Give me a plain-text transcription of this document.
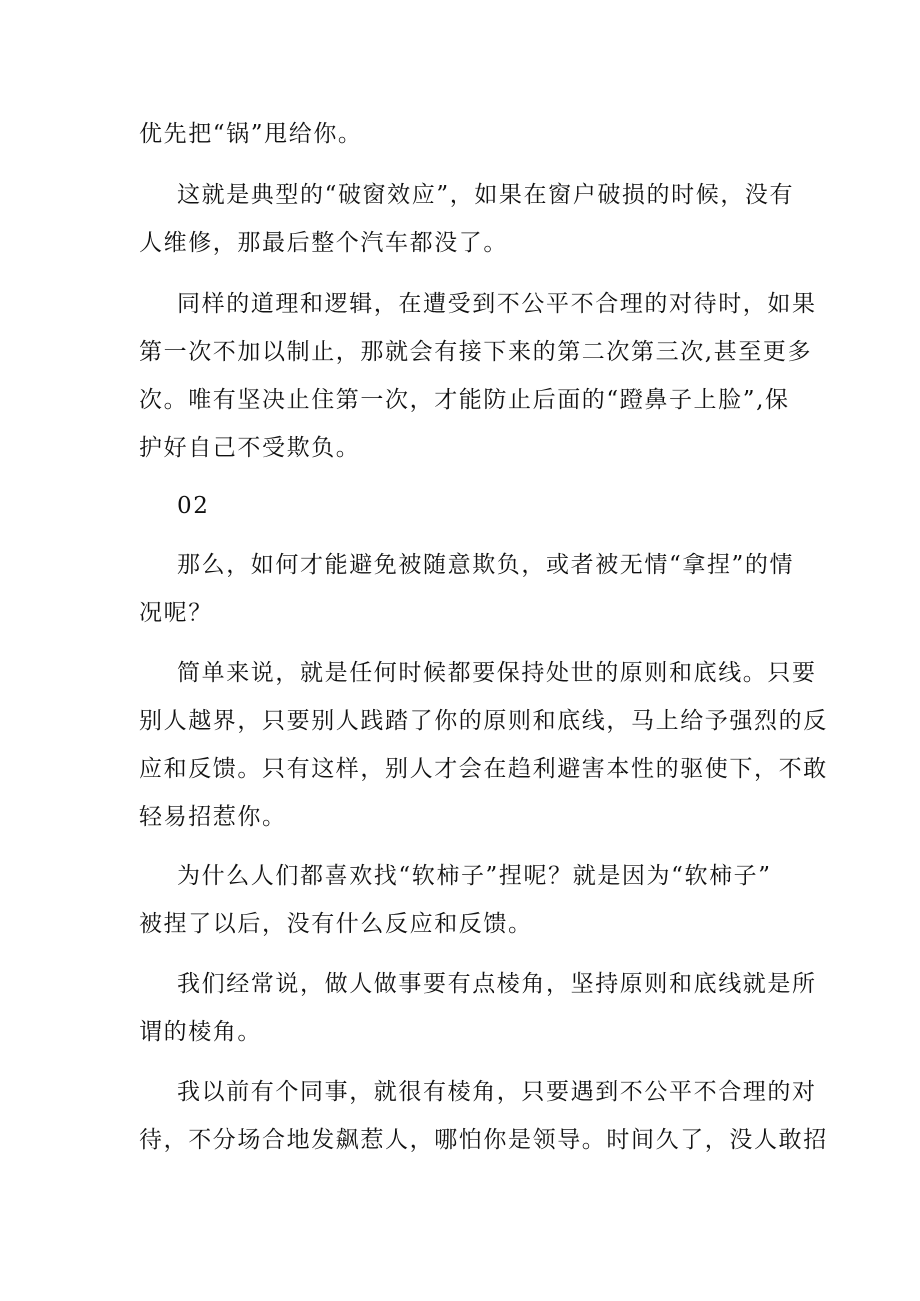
优先把“锅”甩给你。
这就是典型的“破窗效应”，如果在窗户破损的时候，没有
人维修，那最后整个汽车都没了。
同样的道理和逻辑，在遭受到不公平不合理的对待时，如果
第一次不加以制止，那就会有接下来的第二次第三次,甚至更多
次。唯有坚决止住第一次，才能防止后面的“蹬鼻子上脸”,保
护好自己不受欺负。
02
那么，如何才能避免被随意欺负，或者被无情“拿捏”的情
况呢？
简单来说，就是任何时候都要保持处世的原则和底线。只要
别人越界，只要别人践踏了你的原则和底线，马上给予强烈的反
应和反馈。只有这样，别人才会在趋利避害本性的驱使下，不敢
轻易招惹你。
为什么人们都喜欢找“软柿子”捏呢？就是因为“软柿子”
被捏了以后，没有什么反应和反馈。
我们经常说，做人做事要有点棱角，坚持原则和底线就是所
谓的棱角。
我以前有个同事，就很有棱角，只要遇到不公平不合理的对
待，不分场合地发飙惹人，哪怕你是领导。时间久了，没人敢招
